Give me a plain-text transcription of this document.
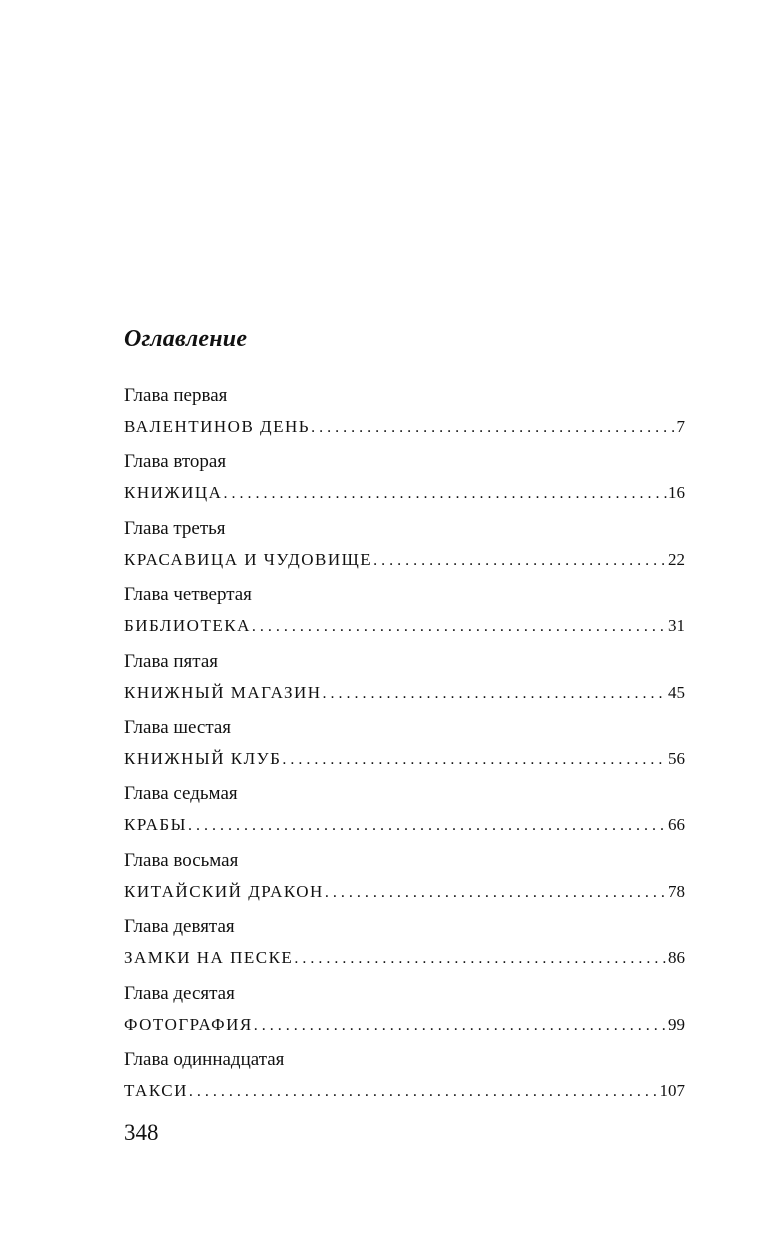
Оглавление
Глава первая
ВАЛЕНТИНОВ ДЕНЬ . . .	7
Глава вторая
КНИЖИЦА . . .	16
Глава третья
КРАСАВИЦА И ЧУДОВИЩЕ . . .	22
Глава четвертая
БИБЛИОТЕКА . . .	31
Глава пятая
КНИЖНЫЙ МАГАЗИН . . .	45
Глава шестая
КНИЖНЫЙ КЛУБ . . .	56
Глава седьмая
КРАБЫ . . .	66
Глава восьмая
КИТАЙСКИЙ ДРАКОН . . .	78
Глава девятая
ЗАМКИ НА ПЕСКЕ . . .	86
Глава десятая
ФОТОГРАФИЯ . . .	99
Глава одиннадцатая
ТАКСИ . . .	107
348
